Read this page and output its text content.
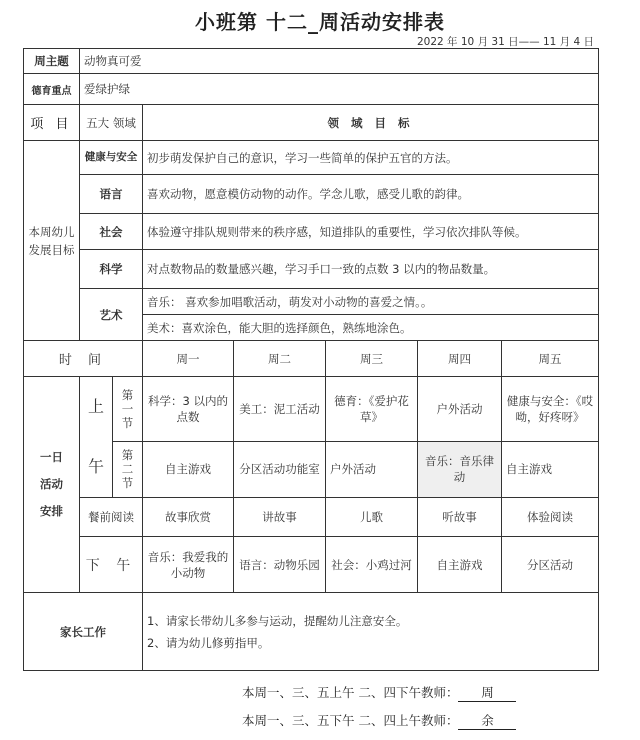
小班第 十二_周活动安排表
2022 年 10 月 31 日—— 11 月 4 日
周主题	动物真可爱						
德育重点	爱绿护绿						
项 目	五大 领域		领 域 目 标				
本周幼儿发展目标	健康与安全		初步萌发保护自己的意识，学习一些简单的保护五官的方法。				
	语言		喜欢动物，愿意模仿动物的动作。学念儿歌，感受儿歌的韵律。				
	社会		体验遵守排队规则带来的秩序感，知道排队的重要性，学习依次排队等候。				
	科学		对点数物品的数量感兴趣，学习手口一致的点数 3 以内的物品数量。				
	艺术		音乐： 喜欢参加唱歌活动，萌发对小动物的喜爱之情。。				
			美术：喜欢涂色，能大胆的选择颜色，熟练地涂色。				
时 间			周一	周二	周三	周四	周五
一日活动安排	上午	第一节	科学：3 以内的点数	美工：泥工活动	德育：《爱护花草》	户外活动	健康与安全：《哎呦，好疼呀》
		第二节	自主游戏	分区活动功能室	户外活动	音乐：音乐律动	自主游戏
	餐前阅读		故事欣赏	讲故事	儿歌	听故事	体验阅读
	下 午		音乐：我爱我的小动物	语言：动物乐园	社会：小鸡过河	自主游戏	分区活动
家长工作			1、请家长带幼儿多参与运动，提醒幼儿注意安全。
2、请为幼儿修剪指甲。				
本周一、三、五上午 二、四下午教师： 周
本周一、三、五下午 二、四上午教师： 余
